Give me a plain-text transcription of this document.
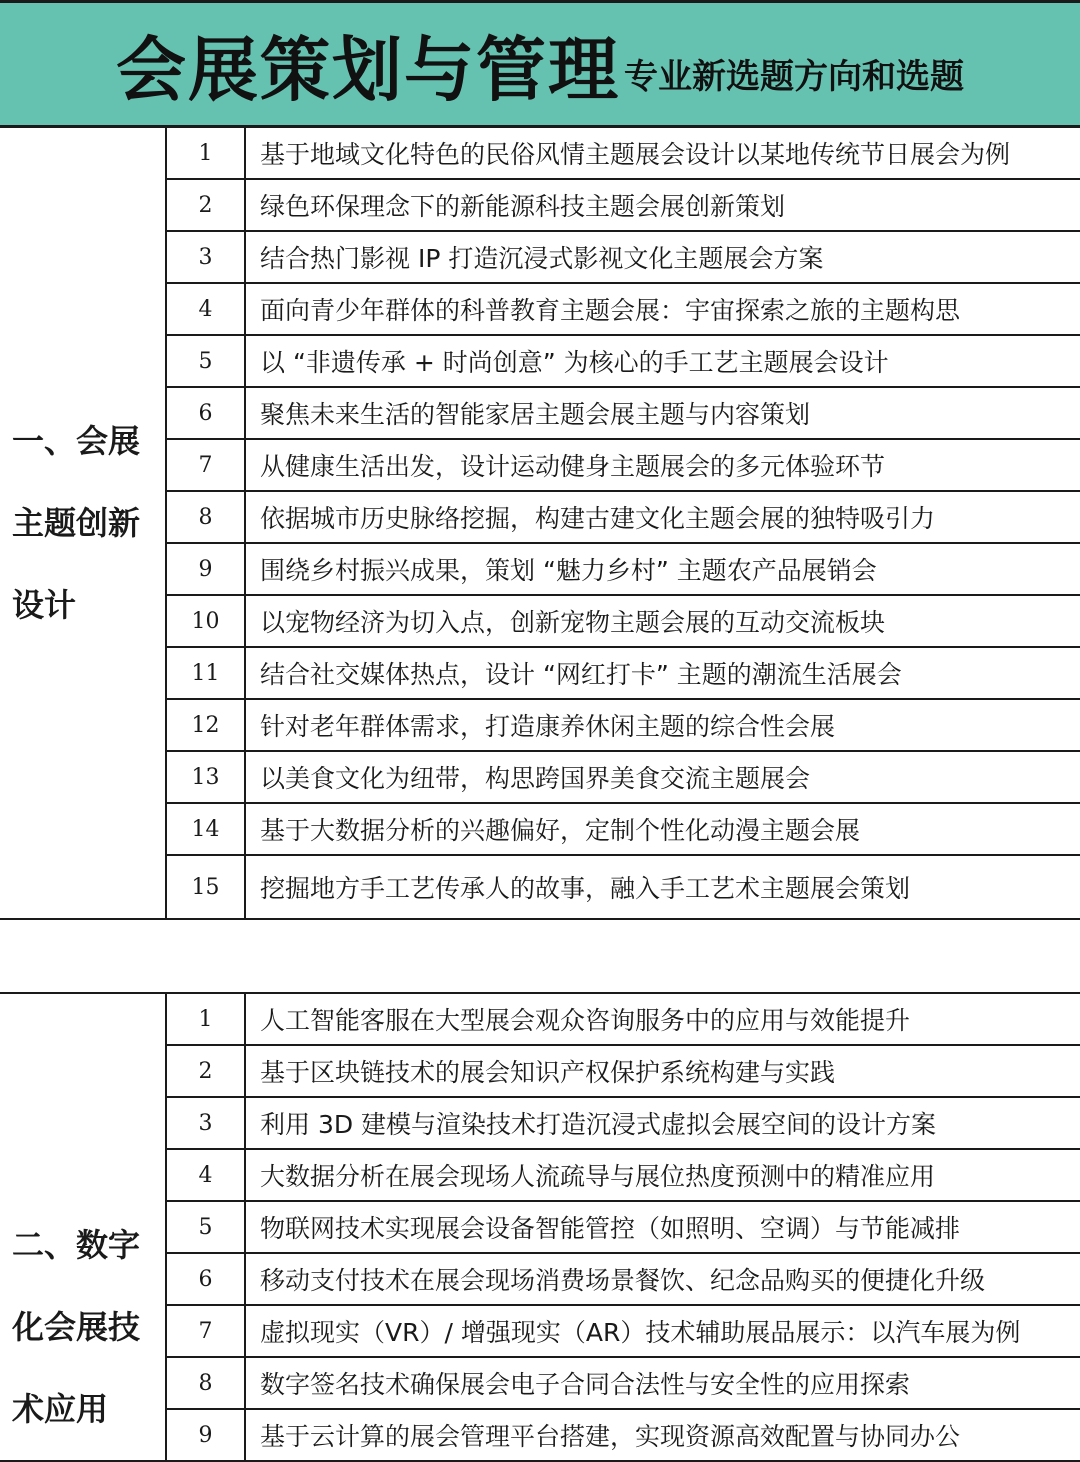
会展策划与管理 专业新选题方向和选题
一、会展
主题创新
设计	1	基于地域文化特色的民俗风情主题展会设计以某地传统节日展会为例
	2	绿色环保理念下的新能源科技主题会展创新策划
	3	结合热门影视 IP 打造沉浸式影视文化主题展会方案
	4	面向青少年群体的科普教育主题会展：宇宙探索之旅的主题构思
	5	以 “非遗传承 + 时尚创意” 为核心的手工艺主题展会设计
	6	聚焦未来生活的智能家居主题会展主题与内容策划
	7	从健康生活出发，设计运动健身主题展会的多元体验环节
	8	依据城市历史脉络挖掘，构建古建文化主题会展的独特吸引力
	9	围绕乡村振兴成果，策划 “魅力乡村” 主题农产品展销会
	10	以宠物经济为切入点，创新宠物主题会展的互动交流板块
	11	结合社交媒体热点，设计 “网红打卡” 主题的潮流生活展会
	12	针对老年群体需求，打造康养休闲主题的综合性会展
	13	以美食文化为纽带，构思跨国界美食交流主题展会
	14	基于大数据分析的兴趣偏好，定制个性化动漫主题会展
	15	挖掘地方手工艺传承人的故事，融入手工艺术主题展会策划
二、数字
化会展技
术应用	1	人工智能客服在大型展会观众咨询服务中的应用与效能提升
	2	基于区块链技术的展会知识产权保护系统构建与实践
	3	利用 3D 建模与渲染技术打造沉浸式虚拟会展空间的设计方案
	4	大数据分析在展会现场人流疏导与展位热度预测中的精准应用
	5	物联网技术实现展会设备智能管控（如照明、空调）与节能减排
	6	移动支付技术在展会现场消费场景餐饮、纪念品购买的便捷化升级
	7	虚拟现实（VR）/ 增强现实（AR）技术辅助展品展示：以汽车展为例
	8	数字签名技术确保展会电子合同合法性与安全性的应用探索
	9	基于云计算的展会管理平台搭建，实现资源高效配置与协同办公
